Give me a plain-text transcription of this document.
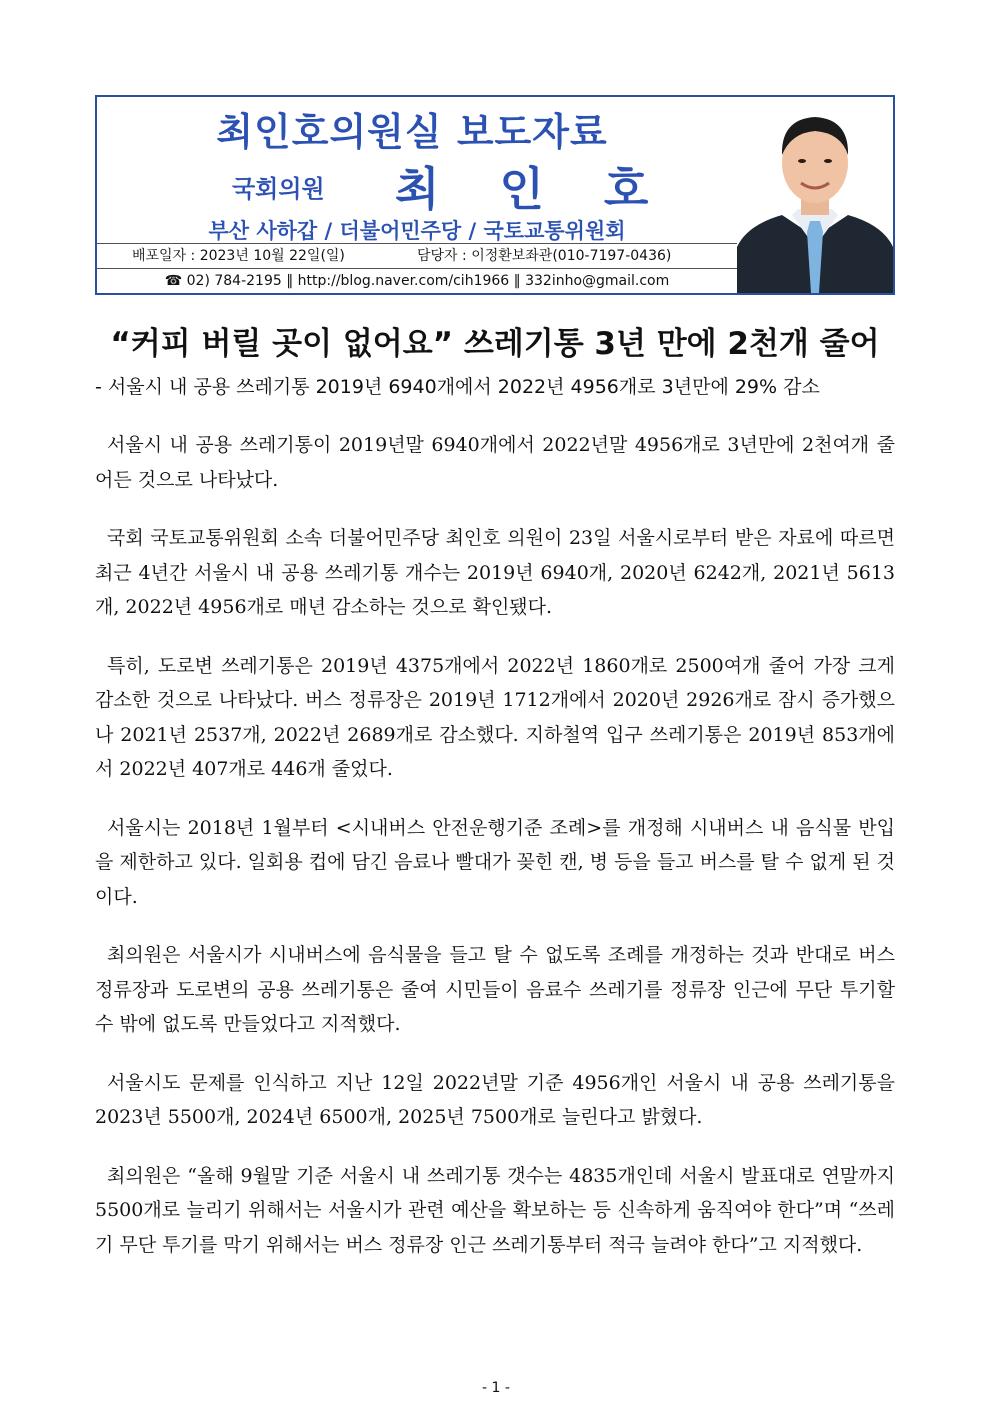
최인호의원실 보도자료
국회의원 최 인 호
부산 사하갑 / 더불어민주당 / 국토교통위원회
배포일자 : 2023년 10월 22일(일)	담당자 : 이정환보좌관(010-7197-0436)
☎ 02) 784-2195 ‖ http://blog.naver.com/cih1966 ‖ 332inho@gmail.com
“커피 버릴 곳이 없어요” 쓰레기통 3년 만에 2천개 줄어
- 서울시 내 공용 쓰레기통 2019년 6940개에서 2022년 4956개로 3년만에 29% 감소

서울시 내 공용 쓰레기통이 2019년말 6940개에서 2022년말 4956개로 3년만에 2천여개 줄어든 것으로 나타났다.

국회 국토교통위원회 소속 더불어민주당 최인호 의원이 23일 서울시로부터 받은 자료에 따르면 최근 4년간 서울시 내 공용 쓰레기통 개수는 2019년 6940개, 2020년 6242개, 2021년 5613개, 2022년 4956개로 매년 감소하는 것으로 확인됐다.

특히, 도로변 쓰레기통은 2019년 4375개에서 2022년 1860개로 2500여개 줄어 가장 크게 감소한 것으로 나타났다. 버스 정류장은 2019년 1712개에서 2020년 2926개로 잠시 증가했으나 2021년 2537개, 2022년 2689개로 감소했다. 지하철역 입구 쓰레기통은 2019년 853개에서 2022년 407개로 446개 줄었다.

서울시는 2018년 1월부터 <시내버스 안전운행기준 조례>를 개정해 시내버스 내 음식물 반입을 제한하고 있다. 일회용 컵에 담긴 음료나 빨대가 꽂힌 캔, 병 등을 들고 버스를 탈 수 없게 된 것이다.

최의원은 서울시가 시내버스에 음식물을 들고 탈 수 없도록 조례를 개정하는 것과 반대로 버스 정류장과 도로변의 공용 쓰레기통은 줄여 시민들이 음료수 쓰레기를 정류장 인근에 무단 투기할 수 밖에 없도록 만들었다고 지적했다.

서울시도 문제를 인식하고 지난 12일 2022년말 기준 4956개인 서울시 내 공용 쓰레기통을 2023년 5500개, 2024년 6500개, 2025년 7500개로 늘린다고 밝혔다.

최의원은 “올해 9월말 기준 서울시 내 쓰레기통 갯수는 4835개인데 서울시 발표대로 연말까지 5500개로 늘리기 위해서는 서울시가 관련 예산을 확보하는 등 신속하게 움직여야 한다”며 “쓰레기 무단 투기를 막기 위해서는 버스 정류장 인근 쓰레기통부터 적극 늘려야 한다”고 지적했다.

- 1 -
